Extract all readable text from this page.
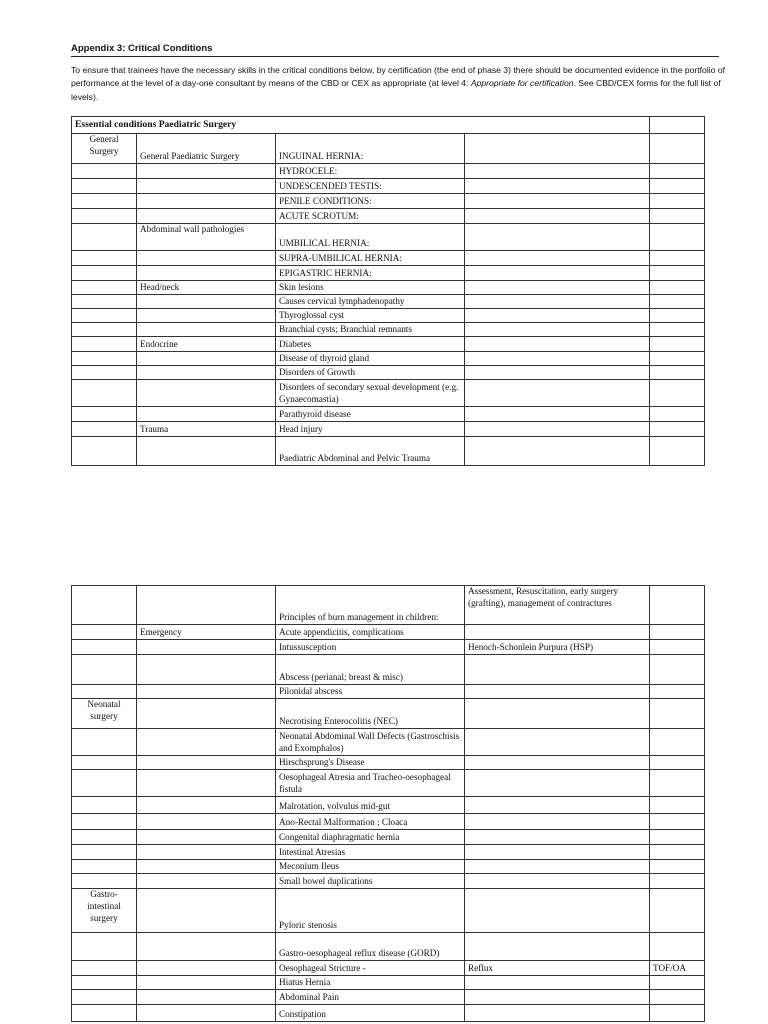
Appendix 3: Critical Conditions
To ensure that trainees have the necessary skills in the critical conditions below, by certification (the end of phase 3) there should be documented evidence in the portfolio of performance at the level of a day-one consultant by means of the CBD or CEX as appropriate (at level 4: Appropriate for certification. See CBD/CEX forms for the full list of levels).
Essential conditions Paediatric Surgery				
General Surgery	General Paediatric Surgery	INGUINAL HERNIA:		
		HYDROCELE:		
		UNDESCENDED TESTIS:		
		PENILE CONDITIONS:		
		ACUTE SCROTUM:		
	Abdominal wall pathologies	UMBILICAL HERNIA:		
		SUPRA-UMBILICAL HERNIA:		
		EPIGASTRIC HERNIA:		
	Head/neck	Skin lesions		
		Causes cervical lymphadenopathy		
		Thyroglossal cyst		
		Branchial cysts; Branchial remnants		
	Endocrine	Diabetes		
		Disease of thyroid gland		
		Disorders of Growth		
		Disorders of secondary sexual development (e.g. Gynaecomastia)		
		Parathyroid disease		
	Trauma	Head injury		
		Paediatric Abdominal and Pelvic Trauma		
		Principles of burn management in children:	Assessment, Resuscitation, early surgery (grafting), management of contractures	
	Emergency	Acute appendicitis, complications		
		Intussusception	Henoch-Schonlein Purpura (HSP)	
		Abscess (perianal; breast & misc)		
		Pilonidal abscess		
Neonatal surgery		Necrotising Enterocolitis (NEC)		
		Neonatal Abdominal Wall Defects (Gastroschisis and Exomphalos)		
		Hirschsprung's Disease		
		Oesophageal Atresia and Tracheo-oesophageal fistula		
		Malrotation, volvulus mid-gut		
		Ano-Rectal Malformation ; Cloaca		
		Congenital diaphragmatic hernia		
		Intestinal Atresias		
		Meconium Ileus		
		Small bowel duplications		
Gastro-intestinal surgery		Pyloric stenosis		
		Gastro-oesophageal reflux disease (GORD)		
		Oesophageal Stricture -	Reflux	TOF/OA
		Hiatus Hernia		
		Abdominal Pain		
		Constipation		
